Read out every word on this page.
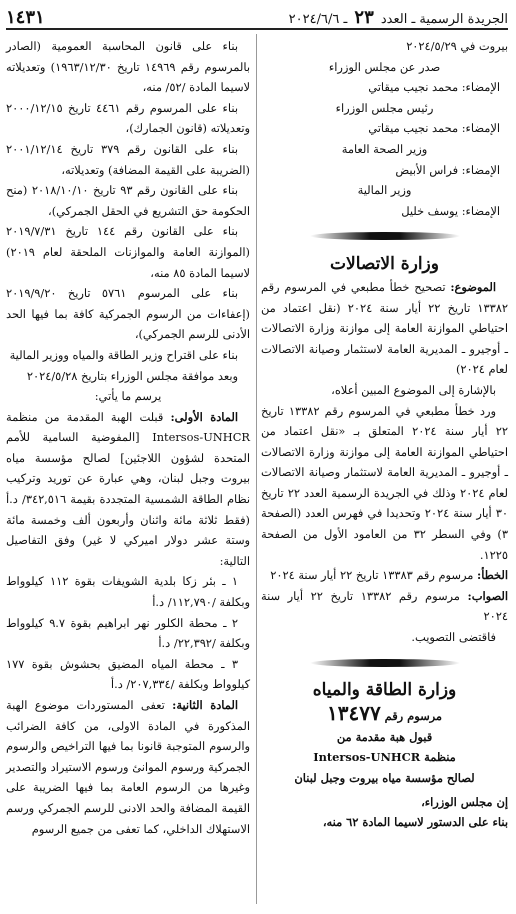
الجريدة الرسمية ـ العدد ٢٣ ـ ٢٠٢٤/٦/٦
١٤٣١

بيروت في ٢٠٢٤/٥/٢٩

صدر عن مجلس الوزراء

الإمضاء: محمد نجيب ميقاتي

رئيس مجلس الوزراء

الإمضاء: محمد نجيب ميقاتي

وزير الصحة العامة

الإمضاء: فراس الأبيض

وزير المالية

الإمضاء: يوسف خليل

وزارة الاتصالات

الموضوع: تصحيح خطأ مطبعي في المرسوم رقم ١٣٣٨٢ تاريخ ٢٢ أيار سنة ٢٠٢٤ (نقل اعتماد من احتياطي الموازنة العامة إلى موازنة وزارة الاتصالات ـ أوجيرو ـ المديرية العامة لاستثمار وصيانة الاتصالات لعام ٢٠٢٤)

بالإشارة إلى الموضوع المبين أعلاه،

ورد خطأ مطبعي في المرسوم رقم ١٣٣٨٢ تاريخ ٢٢ أيار سنة ٢٠٢٤ المتعلق بـ «نقل اعتماد من احتياطي الموازنة العامة إلى موازنة وزارة الاتصالات ـ أوجيرو ـ المديرية العامة لاستثمار وصيانة الاتصالات لعام ٢٠٢٤ وذلك في الجريدة الرسمية العدد ٢٢ تاريخ ٣٠ أيار سنة ٢٠٢٤ وتحديدا في فهرس العدد (الصفحة ٣) وفي السطر ٣٢ من العامود الأول من الصفحة ١٢٢٥.

الخطأ: مرسوم رقم ١٣٣٨٣ تاريخ ٢٢ أيار سنة ٢٠٢٤

الصواب: مرسوم رقم ١٣٣٨٢ تاريخ ٢٢ أيار سنة ٢٠٢٤

فاقتضى التصويب.

وزارة الطاقة والمياه

مرسوم رقم ١٣٤٧٧

قبول هبة مقدمة من

منظمة Intersos-UNHCR

لصالح مؤسسة مياه بيروت وجبل لبنان

إن مجلس الوزراء،

بناء على الدستور لاسيما المادة ٦٢ منه،

بناء على قانون المحاسبة العمومية (الصادر بالمرسوم رقم ١٤٩٦٩ تاريخ ١٩٦٣/١٢/٣٠) وتعديلاته لاسيما المادة /٥٢/ منه،

بناء على المرسوم رقم ٤٤٦١ تاريخ ٢٠٠٠/١٢/١٥ وتعديلاته (قانون الجمارك)،

بناء على القانون رقم ٣٧٩ تاريخ ٢٠٠١/١٢/١٤ (الضريبة على القيمة المضافة) وتعديلاته،

بناء على القانون رقم ٩٣ تاريخ ٢٠١٨/١٠/١٠ (منح الحكومة حق التشريع في الحقل الجمركي)،

بناء على القانون رقم ١٤٤ تاريخ ٢٠١٩/٧/٣١ (الموازنة العامة والموازنات الملحقة لعام ٢٠١٩) لاسيما المادة ٨٥ منه،

بناء على المرسوم ٥٧٦١ تاريخ ٢٠١٩/٩/٢٠ (إعفاءات من الرسوم الجمركية كافة بما فيها الحد الأدنى للرسم الجمركي)،

بناء على اقتراح وزير الطاقة والمياه ووزير المالية

وبعد موافقة مجلس الوزراء بتاريخ ٢٠٢٤/٥/٢٨

يرسم ما يأتي:

المادة الأولى: قبلت الهبة المقدمة من منظمة Intersos-UNHCR [المفوضية السامية للأمم المتحدة لشؤون اللاجئين] لصالح مؤسسة مياه بيروت وجبل لبنان، وهي عبارة عن توريد وتركيب نظام الطاقة الشمسية المتجددة بقيمة ٣٤٢,٥١٦/ د.أ (فقط ثلاثة مائة واثنان وأربعون ألف وخمسة مائة وستة عشر دولار اميركي لا غير) وفق التفاصيل التالية:

١ ـ بئر زكا بلدية الشويفات بقوة ١١٢ كيلوواط وبكلفة /١١٢,٧٩٠/ د.أ

٢ ـ محطة الكلور نهر ابراهيم بقوة ٩.٧ كيلوواط وبكلفة /٢٢,٣٩٢/ د.أ

٣ ـ محطة المياه المضيق بحشوش بقوة ١٧٧ كيلوواط وبكلفة /٢٠٧,٣٣٤/ د.أ

المادة الثانية: تعفى المستوردات موضوع الهبة المذكورة في المادة الاولى، من كافة الضرائب والرسوم المتوجبة قانونا بما فيها التراخيص والرسوم الجمركية ورسوم الموانئ ورسوم الاستيراد والتصدير وغيرها من الرسوم العامة بما فيها الضريبة على القيمة المضافة والحد الادنى للرسم الجمركي ورسم الاستهلاك الداخلي، كما تعفى من جميع الرسوم
